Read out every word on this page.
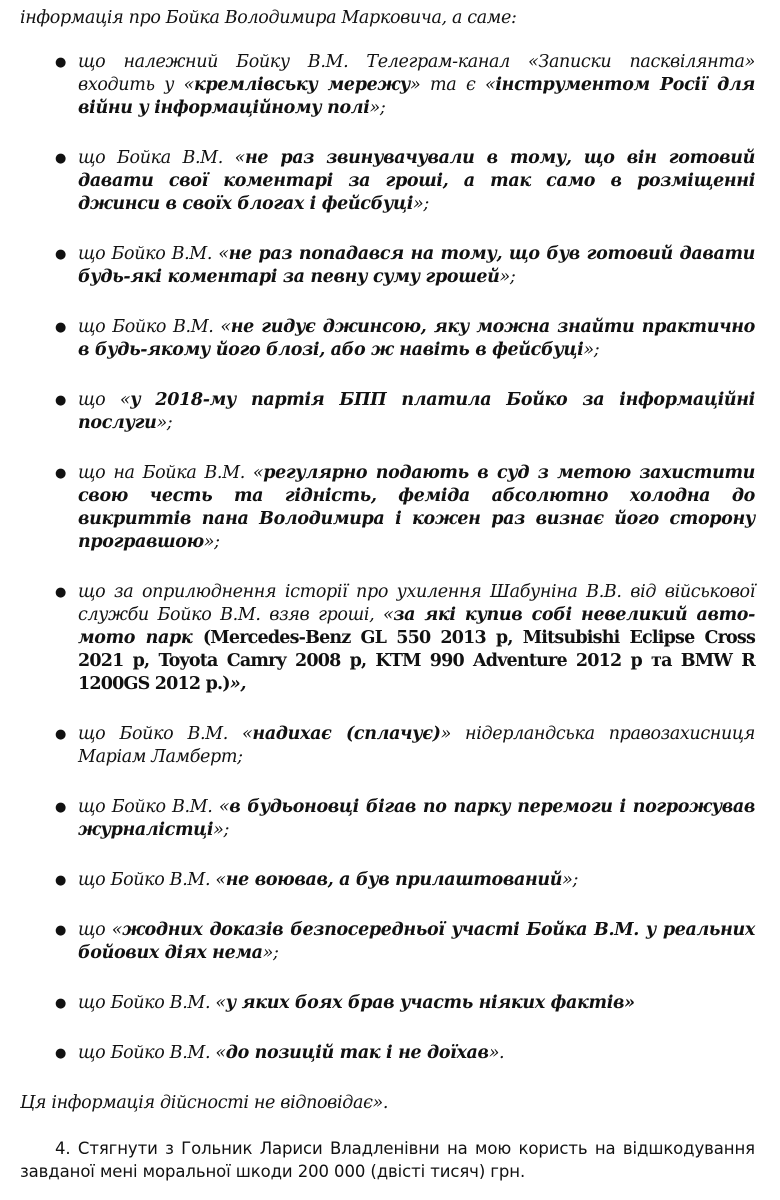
інформація про Бойка Володимира Марковича, а саме:

● що належний Бойку В.М. Телеграм-канал «Записки пасквілянта» входить у «кремлівську мережу» та є «інструментом Росії для війни у інформаційному полі»;
● що Бойка В.М. «не раз звинувачували в тому, що він готовий давати свої коментарі за гроші, а так само в розміщенні джинси в своїх блогах і фейсбуці»;
● що Бойко В.М. «не раз попадався на тому, що був готовий давати будь-які коментарі за певну суму грошей»;
● що Бойко В.М. «не гидує джинсою, яку можна знайти практично в будь-якому його блозі, або ж навіть в фейсбуці»;
● що «у 2018-му партія БПП платила Бойко за інформаційні послуги»;
● що на Бойка В.М. «регулярно подають в суд з метою захистити свою честь та гідність, феміда абсолютно холодна до викриттів пана Володимира і кожен раз визнає його сторону програвшою»;
● що за оприлюднення історії про ухилення Шабуніна В.В. від військової служби Бойко В.М. взяв гроші, «за які купив собі невеликий авто-мото парк (Mercedes-Benz GL 550 2013 р, Mitsubishi Eclipse Cross 2021 р, Toyota Camry 2008 р, KTM 990 Adventure 2012 р та BMW R 1200GS 2012 р.)»,
● що Бойко В.М. «надихає (сплачує)» нідерландська правозахисниця Маріам Ламберт;
● що Бойко В.М. «в будьоновці бігав по парку перемоги і погрожував журналістці»;
● що Бойко В.М. «не воював, а був прилаштований»;
● що «жодних доказів безпосередньої участі Бойка В.М. у реальних бойових діях нема»;
● що Бойко В.М. «у яких боях брав участь ніяких фактів»
● що Бойко В.М. «до позицій так і не доїхав».

Ця інформація дійсності не відповідає».

4. Стягнути з Гольник Лариси Владленівни на мою користь на відшкодування завданої мені моральної шкоди 200 000 (двісті тисяч) грн.
